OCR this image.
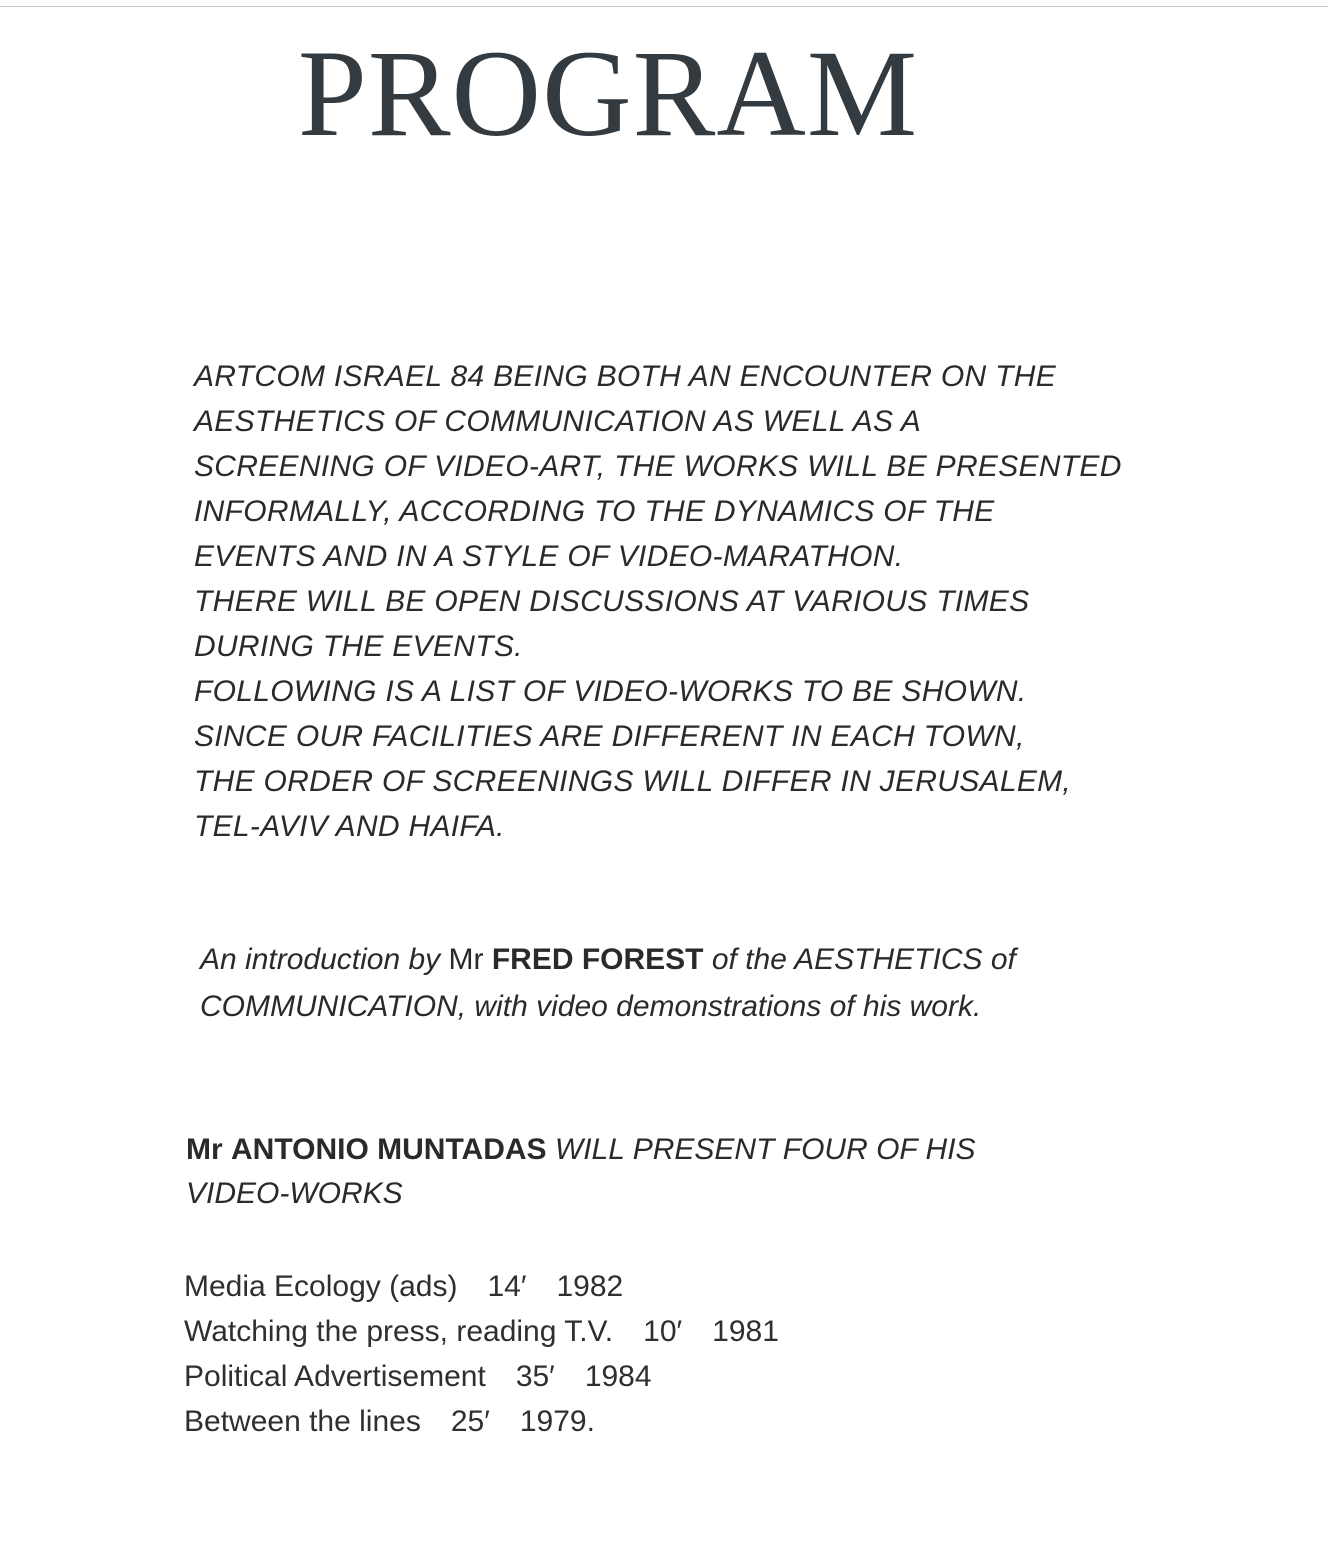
PROGRAM
ARTCOM ISRAEL 84 BEING BOTH AN ENCOUNTER ON THE
AESTHETICS OF COMMUNICATION AS WELL AS A
SCREENING OF VIDEO-ART, THE WORKS WILL BE PRESENTED
INFORMALLY, ACCORDING TO THE DYNAMICS OF THE
EVENTS AND IN A STYLE OF VIDEO-MARATHON.
THERE WILL BE OPEN DISCUSSIONS AT VARIOUS TIMES
DURING THE EVENTS.
FOLLOWING IS A LIST OF VIDEO-WORKS TO BE SHOWN.
SINCE OUR FACILITIES ARE DIFFERENT IN EACH TOWN,
THE ORDER OF SCREENINGS WILL DIFFER IN JERUSALEM,
TEL-AVIV AND HAIFA.
An introduction by Mr FRED FOREST of the AESTHETICS of
COMMUNICATION, with video demonstrations of his work.
Mr ANTONIO MUNTADAS WILL PRESENT FOUR OF HIS
VIDEO-WORKS
Media Ecology (ads) 14′ 1982
Watching the press, reading T.V. 10′ 1981
Political Advertisement 35′ 1984
Between the lines 25′ 1979.
